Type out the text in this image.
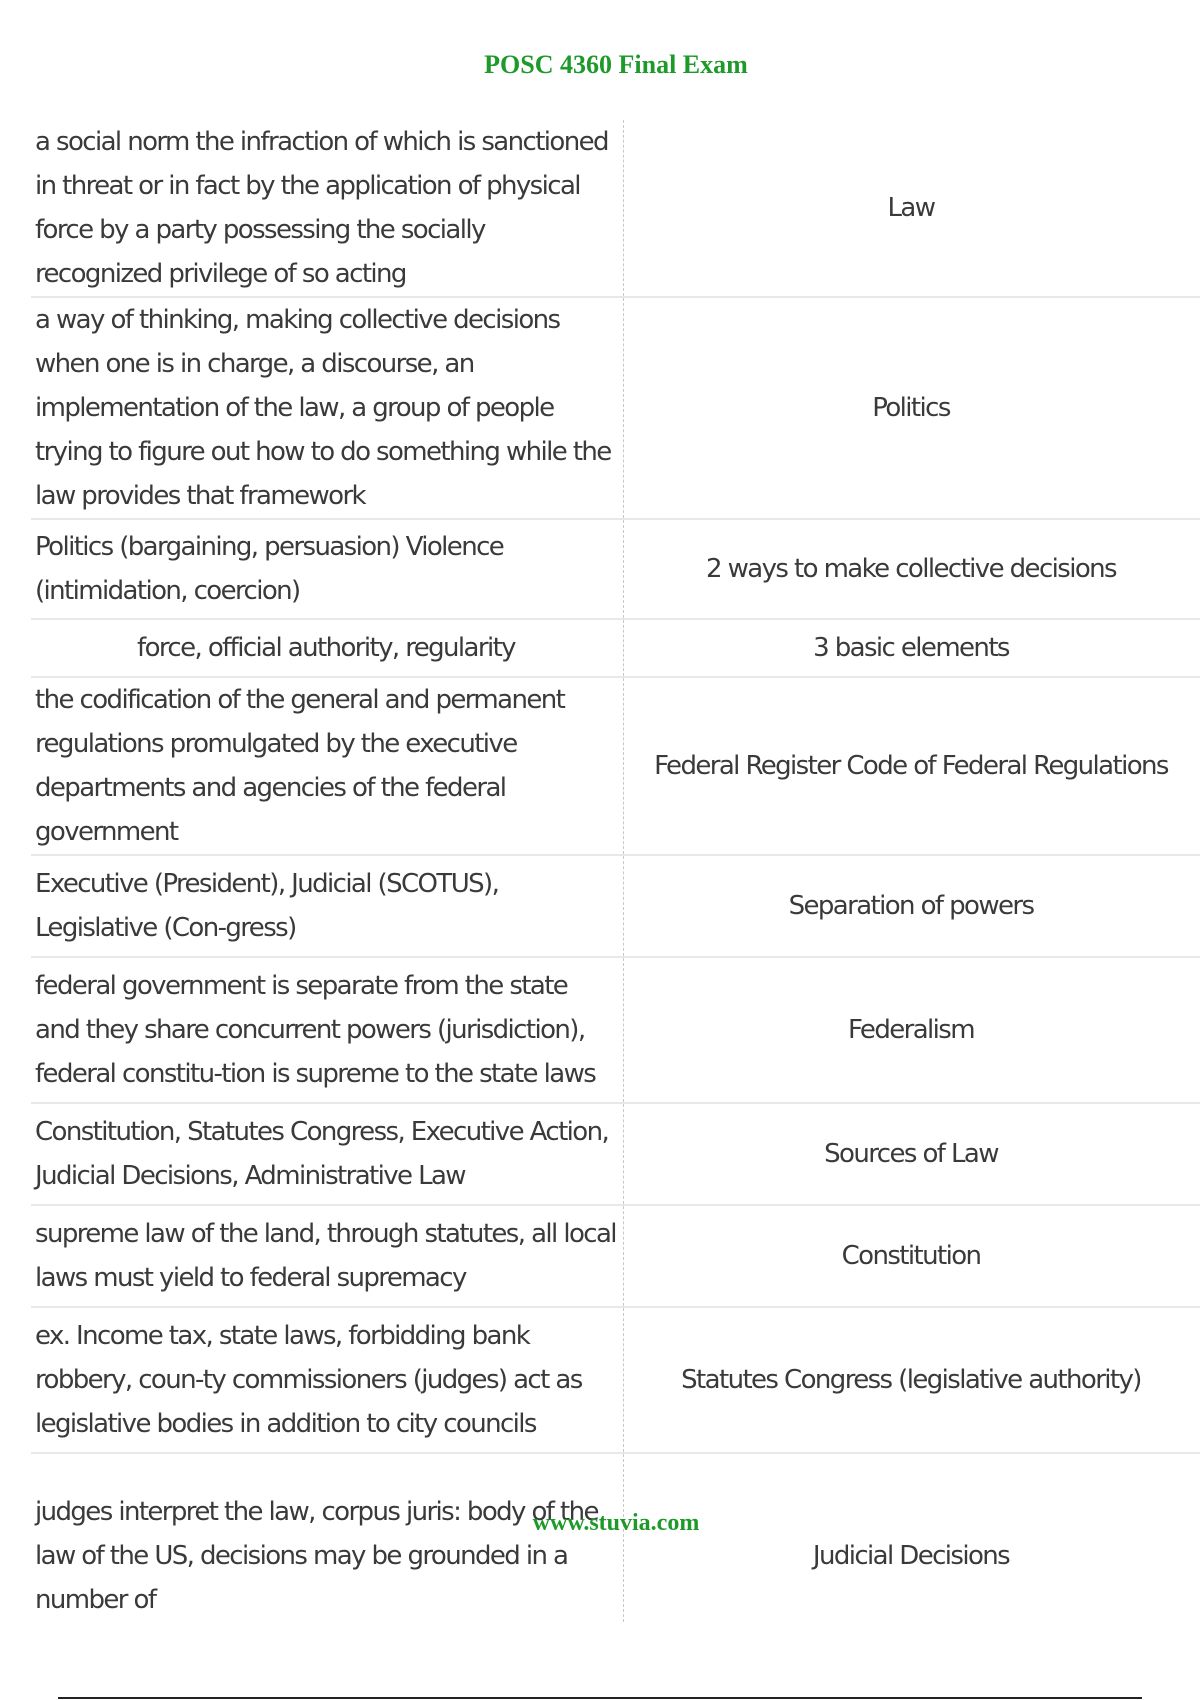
POSC 4360 Final Exam
a social norm the infraction of which is sanctioned in threat or in fact by the application of physical force by a party possessing the socially recognized privilege of so acting	Law
a way of thinking, making collective decisions when one is in charge, a discourse, an implementation of the law, a group of people trying to figure out how to do something while the law provides that framework	Politics
Politics (bargaining, persuasion) Violence (intimidation, coercion)	2 ways to make collective decisions
force, official authority, regularity	3 basic elements
the codification of the general and permanent regulations promulgated by the executive departments and agencies of the federal government	Federal Register Code of Federal Regulations
Executive (President), Judicial (SCOTUS), Legislative (Con-gress)	Separation of powers
federal government is separate from the state and they share concurrent powers (jurisdiction), federal constitu-tion is supreme to the state laws	Federalism
Constitution, Statutes Congress, Executive Action, Judicial Decisions, Administrative Law	Sources of Law
supreme law of the land, through statutes, all local laws must yield to federal supremacy	Constitution
ex. Income tax, state laws, forbidding bank robbery, coun-ty commissioners (judges) act as legislative bodies in addition to city councils	Statutes Congress (legislative authority)
judges interpret the law, corpus juris: body of the law of the US, decisions may be grounded in a number of	Judicial Decisions
www.stuvia.com
